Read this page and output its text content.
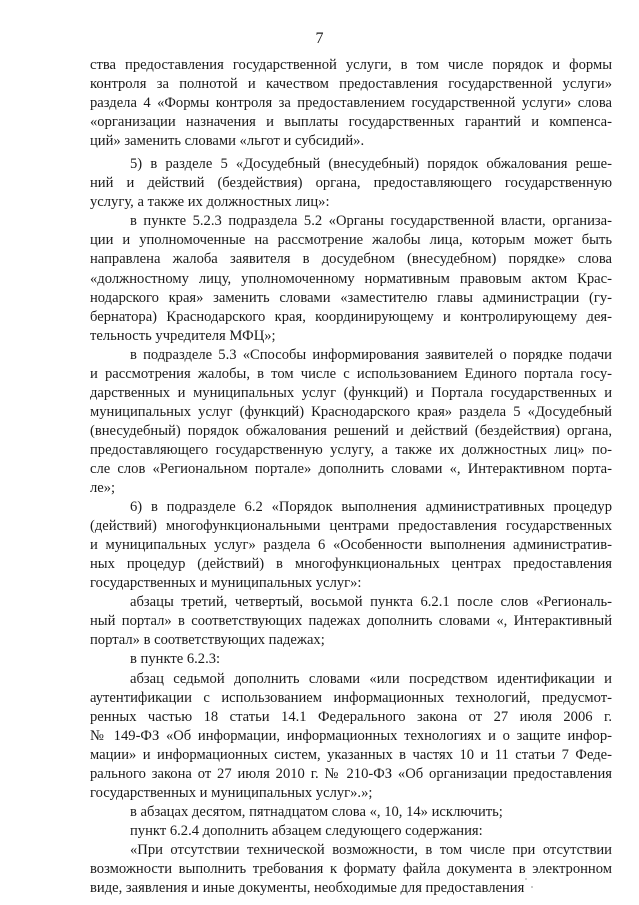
7
ства предоставления государственной услуги, в том числе порядок и формы
контроля за полнотой и качеством предоставления государственной услуги»
раздела 4 «Формы контроля за предоставлением государственной услуги» слова
«организации назначения и выплаты государственных гарантий и компенса-
ций» заменить словами «льгот и субсидий».
5) в разделе 5 «Досудебный (внесудебный) порядок обжалования реше-
ний и действий (бездействия) органа, предоставляющего государственную
услугу, а также их должностных лиц»:
в пункте 5.2.3 подраздела 5.2 «Органы государственной власти, организа-
ции и уполномоченные на рассмотрение жалобы лица, которым может быть
направлена жалоба заявителя в досудебном (внесудебном) порядке» слова
«должностному лицу, уполномоченному нормативным правовым актом Крас-
нодарского края» заменить словами «заместителю главы администрации (гу-
бернатора) Краснодарского края, координирующему и контролирующему дея-
тельность учредителя МФЦ»;
в подразделе 5.3 «Способы информирования заявителей о порядке подачи
и рассмотрения жалобы, в том числе с использованием Единого портала госу-
дарственных и муниципальных услуг (функций) и Портала государственных и
муниципальных услуг (функций) Краснодарского края» раздела 5 «Досудебный
(внесудебный) порядок обжалования решений и действий (бездействия) органа,
предоставляющего государственную услугу, а также их должностных лиц» по-
сле слов «Региональном портале» дополнить словами «, Интерактивном порта-
ле»;
6) в подразделе 6.2 «Порядок выполнения административных процедур
(действий) многофункциональными центрами предоставления государственных
и муниципальных услуг» раздела 6 «Особенности выполнения административ-
ных процедур (действий) в многофункциональных центрах предоставления
государственных и муниципальных услуг»:
абзацы третий, четвертый, восьмой пункта 6.2.1 после слов «Региональ-
ный портал» в соответствующих падежах дополнить словами «, Интерактивный
портал» в соответствующих падежах;
в пункте 6.2.3:
абзац седьмой дополнить словами «или посредством идентификации и
аутентификации с использованием информационных технологий, предусмот-
ренных частью 18 статьи 14.1 Федерального закона от 27 июля 2006 г.
№ 149-ФЗ «Об информации, информационных технологиях и о защите инфор-
мации» и информационных систем, указанных в частях 10 и 11 статьи 7 Феде-
рального закона от 27 июля 2010 г. № 210-ФЗ «Об организации предоставления
государственных и муниципальных услуг».»;
в абзацах десятом, пятнадцатом слова «, 10, 14» исключить;
пункт 6.2.4 дополнить абзацем следующего содержания:
«При отсутствии технической возможности, в том числе при отсутствии
возможности выполнить требования к формату файла документа в электронном
виде, заявления и иные документы, необходимые для предоставления
